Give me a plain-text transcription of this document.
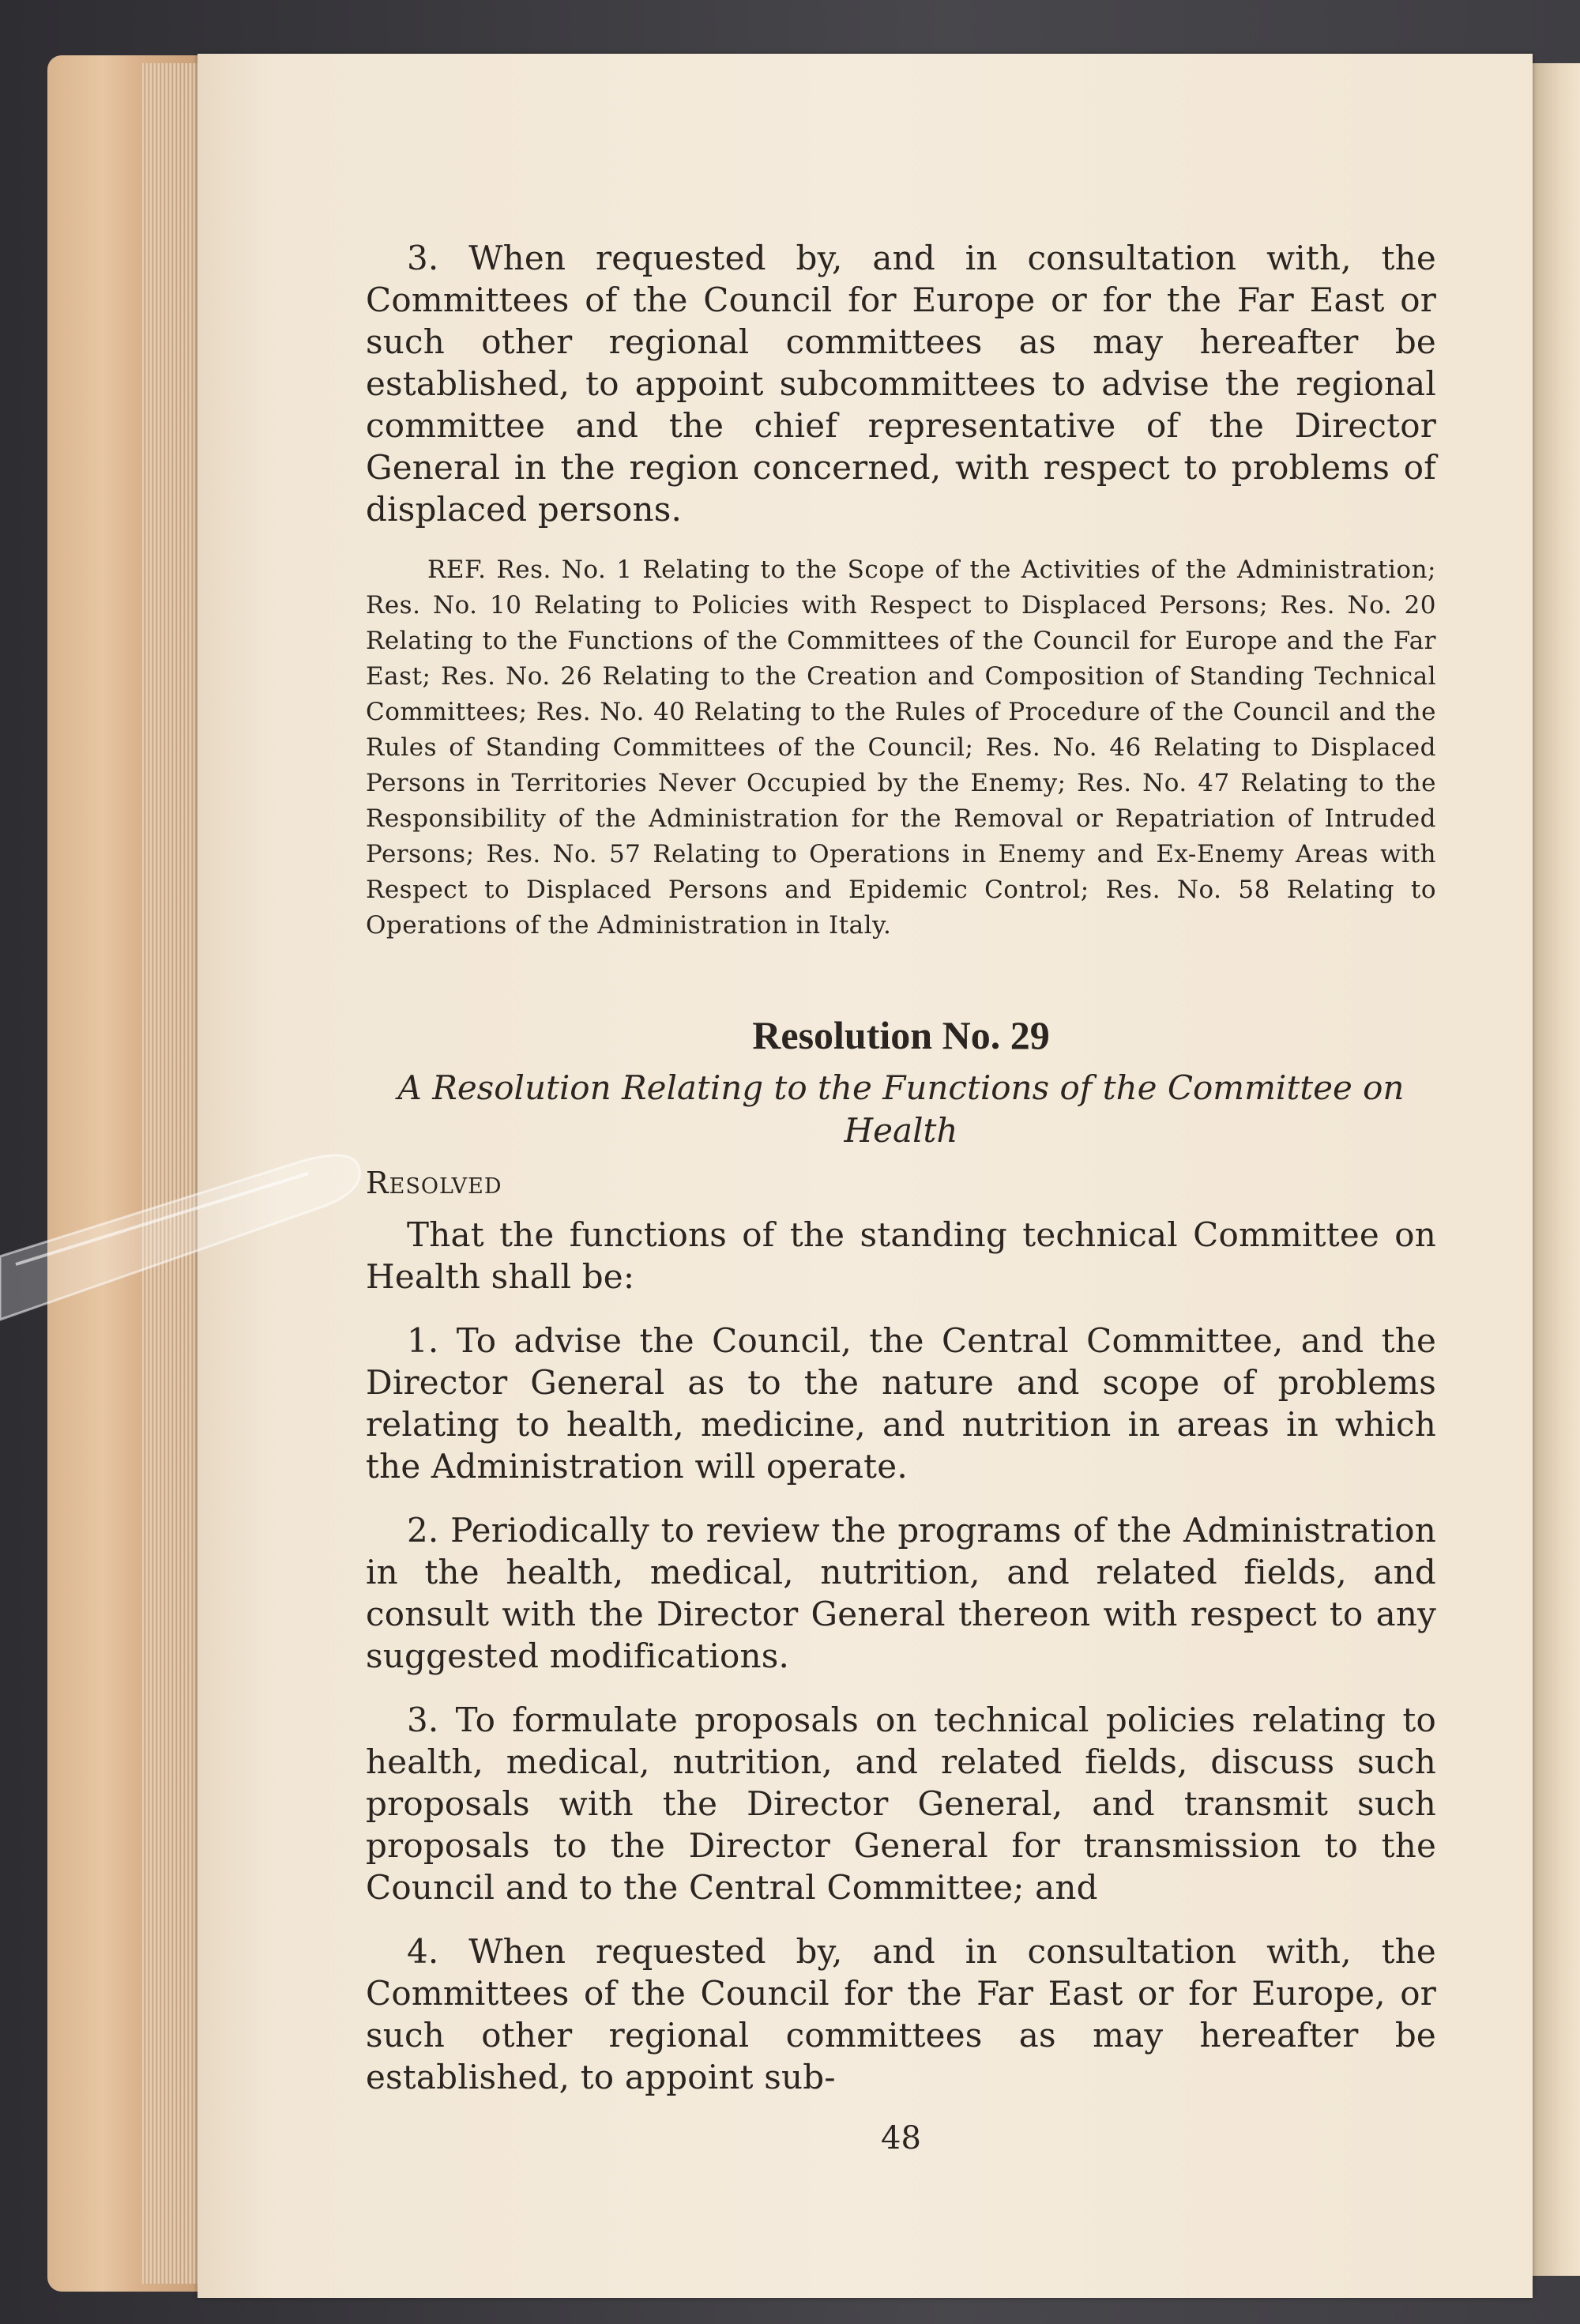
3. When requested by, and in consultation with, the Committees of the Council for Europe or for the Far East or such other regional committees as may hereafter be established, to appoint subcommittees to advise the regional committee and the chief representative of the Director General in the region concerned, with respect to problems of displaced persons.

REF. Res. No. 1 Relating to the Scope of the Activities of the Administration; Res. No. 10 Relating to Policies with Respect to Displaced Persons; Res. No. 20 Relating to the Functions of the Committees of the Council for Europe and the Far East; Res. No. 26 Relating to the Creation and Composition of Standing Technical Committees; Res. No. 40 Relating to the Rules of Procedure of the Council and the Rules of Standing Committees of the Council; Res. No. 46 Relating to Displaced Persons in Territories Never Occupied by the Enemy; Res. No. 47 Relating to the Responsibility of the Administration for the Removal or Repatriation of Intruded Persons; Res. No. 57 Relating to Operations in Enemy and Ex-Enemy Areas with Respect to Displaced Persons and Epidemic Control; Res. No. 58 Relating to Operations of the Administration in Italy.

Resolution No. 29
A Resolution Relating to the Functions of the Committee on Health
Resolved

That the functions of the standing technical Committee on Health shall be:

1. To advise the Council, the Central Committee, and the Director General as to the nature and scope of problems relating to health, medicine, and nutrition in areas in which the Administration will operate.

2. Periodically to review the programs of the Administration in the health, medical, nutrition, and related fields, and consult with the Director General thereon with respect to any suggested modifications.

3. To formulate proposals on technical policies relating to health, medical, nutrition, and related fields, discuss such proposals with the Director General, and transmit such proposals to the Director General for transmission to the Council and to the Central Committee; and

4. When requested by, and in consultation with, the Committees of the Council for the Far East or for Europe, or such other regional committees as may hereafter be established, to appoint sub-

48
